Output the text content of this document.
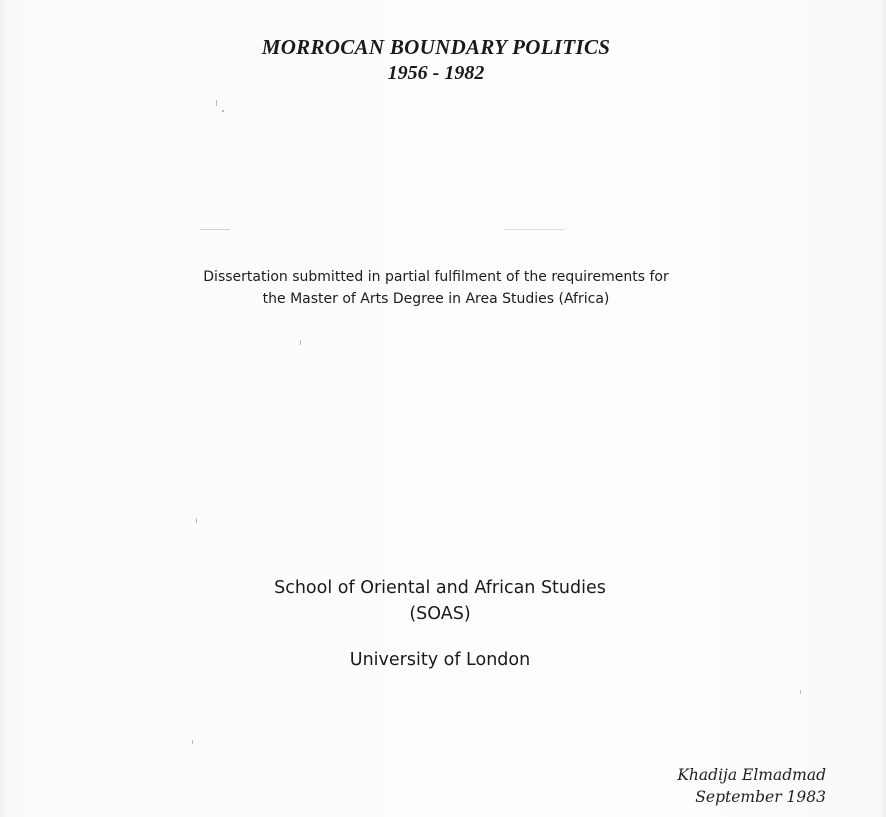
MORROCAN BOUNDARY POLITICS
1956 - 1982
Dissertation submitted in partial fulfilment of the requirements for
the Master of Arts Degree in Area Studies (Africa)
School of Oriental and African Studies
(SOAS)
University of London
Khadija Elmadmad
September 1983
